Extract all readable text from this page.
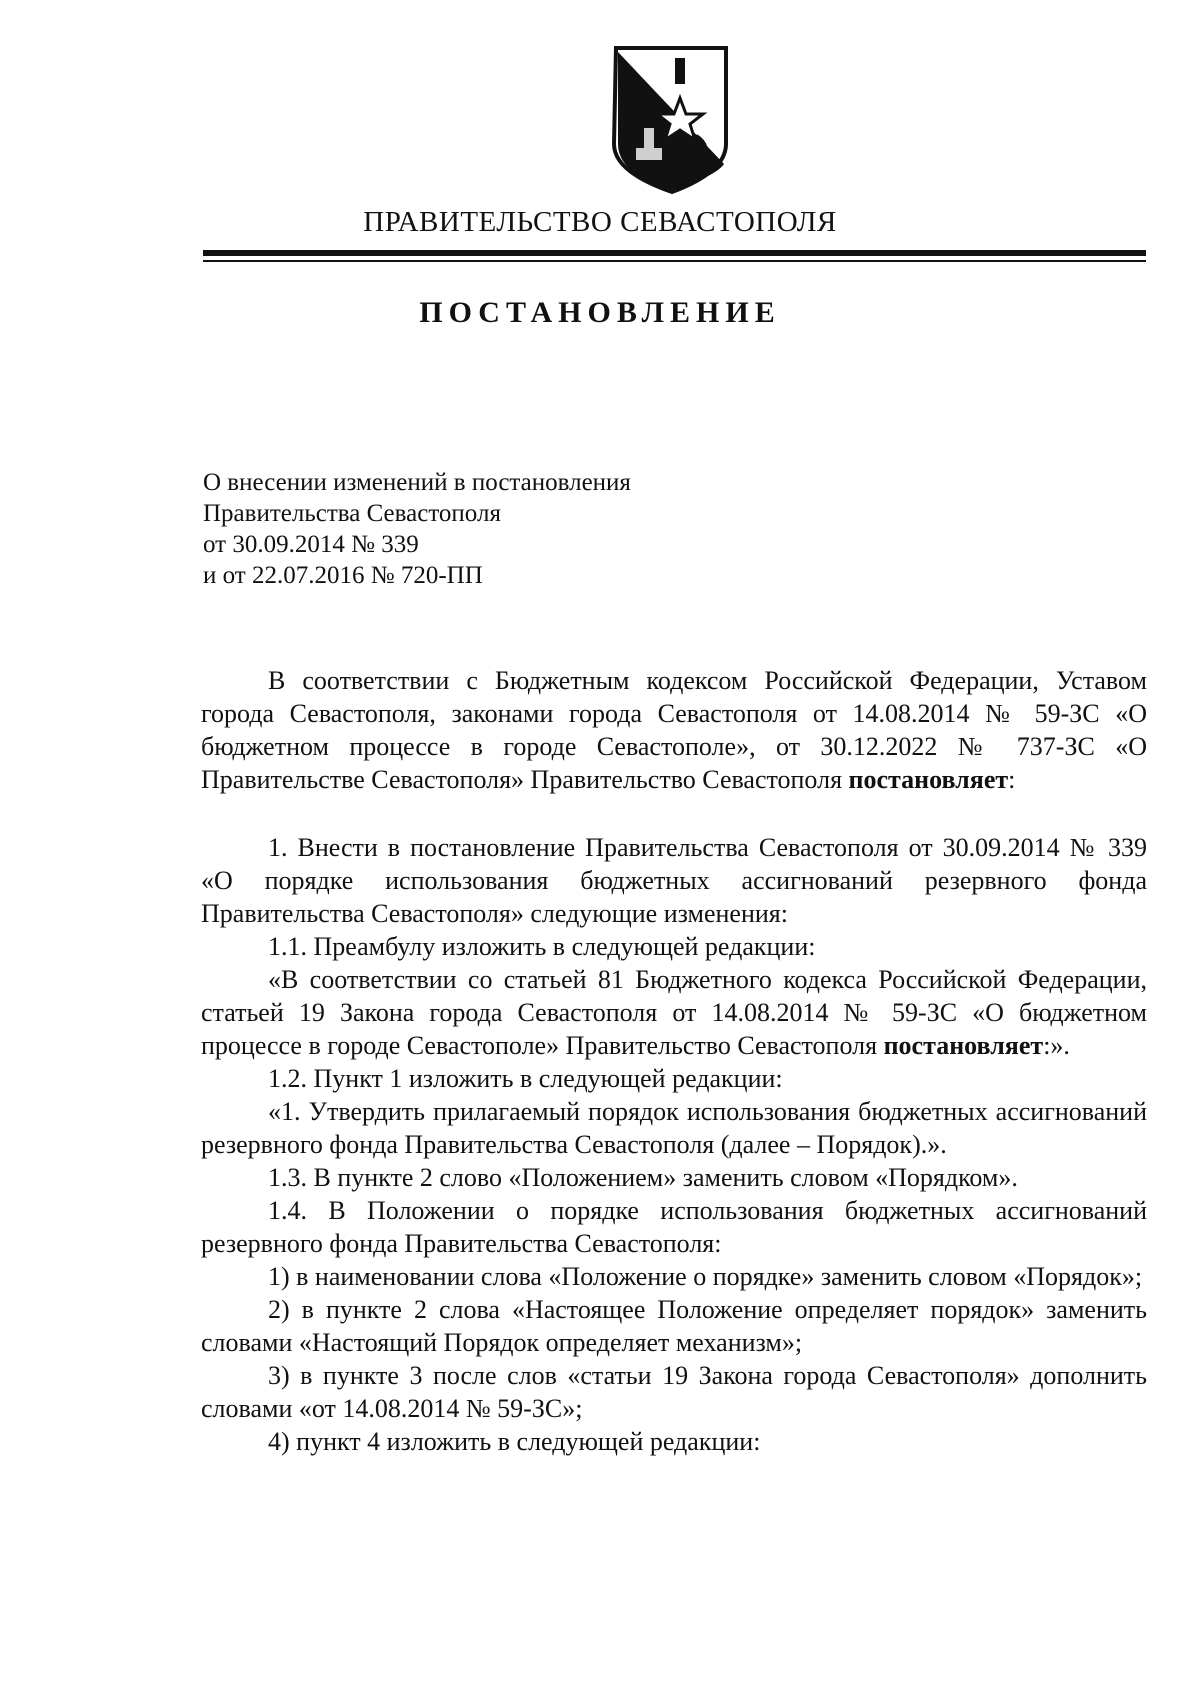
ПРАВИТЕЛЬСТВО СЕВАСТОПОЛЯ
ПОСТАНОВЛЕНИЕ
О внесении изменений в постановления
Правительства Севастополя
от 30.09.2014 № 339
и от 22.07.2016 № 720-ПП

В соответствии с Бюджетным кодексом Российской Федерации, Уставом города Севастополя, законами города Севастополя от 14.08.2014 № 59-ЗС «О бюджетном процессе в городе Севастополе», от 30.12.2022 № 737-ЗС «О Правительстве Севастополя» Правительство Севастополя постановляет:

1. Внести в постановление Правительства Севастополя от 30.09.2014 № 339 «О порядке использования бюджетных ассигнований резервного фонда Правительства Севастополя» следующие изменения:

1.1. Преамбулу изложить в следующей редакции:

«В соответствии со статьей 81 Бюджетного кодекса Российской Федерации, статьей 19 Закона города Севастополя от 14.08.2014 № 59-ЗС «О бюджетном процессе в городе Севастополе» Правительство Севастополя постановляет:».

1.2. Пункт 1 изложить в следующей редакции:

«1. Утвердить прилагаемый порядок использования бюджетных ассигнований резервного фонда Правительства Севастополя (далее – Порядок).».

1.3. В пункте 2 слово «Положением» заменить словом «Порядком».

1.4. В Положении о порядке использования бюджетных ассигнований резервного фонда Правительства Севастополя:

1) в наименовании слова «Положение о порядке» заменить словом «Порядок»;

2) в пункте 2 слова «Настоящее Положение определяет порядок» заменить словами «Настоящий Порядок определяет механизм»;

3) в пункте 3 после слов «статьи 19 Закона города Севастополя» дополнить словами «от 14.08.2014 № 59-ЗС»;

4) пункт 4 изложить в следующей редакции:
